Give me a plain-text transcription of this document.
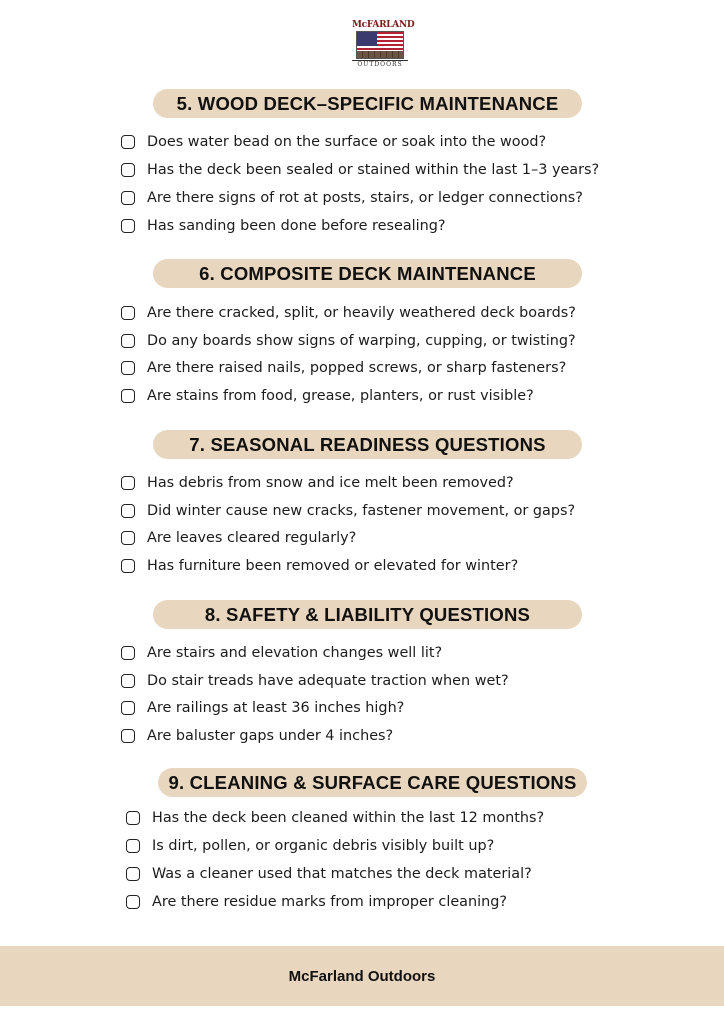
McFARLAND
OUTDOORS
5. WOOD DECK–SPECIFIC MAINTENANCE
Does water bead on the surface or soak into the wood?
Has the deck been sealed or stained within the last 1–3 years?
Are there signs of rot at posts, stairs, or ledger connections?
Has sanding been done before resealing?
6. COMPOSITE DECK MAINTENANCE
Are there cracked, split, or heavily weathered deck boards?
Do any boards show signs of warping, cupping, or twisting?
Are there raised nails, popped screws, or sharp fasteners?
Are stains from food, grease, planters, or rust visible?
7. SEASONAL READINESS QUESTIONS
Has debris from snow and ice melt been removed?
Did winter cause new cracks, fastener movement, or gaps?
Are leaves cleared regularly?
Has furniture been removed or elevated for winter?
8. SAFETY & LIABILITY QUESTIONS
Are stairs and elevation changes well lit?
Do stair treads have adequate traction when wet?
Are railings at least 36 inches high?
Are baluster gaps under 4 inches?
9. CLEANING & SURFACE CARE QUESTIONS
Has the deck been cleaned within the last 12 months?
Is dirt, pollen, or organic debris visibly built up?
Was a cleaner used that matches the deck material?
Are there residue marks from improper cleaning?
McFarland Outdoors
